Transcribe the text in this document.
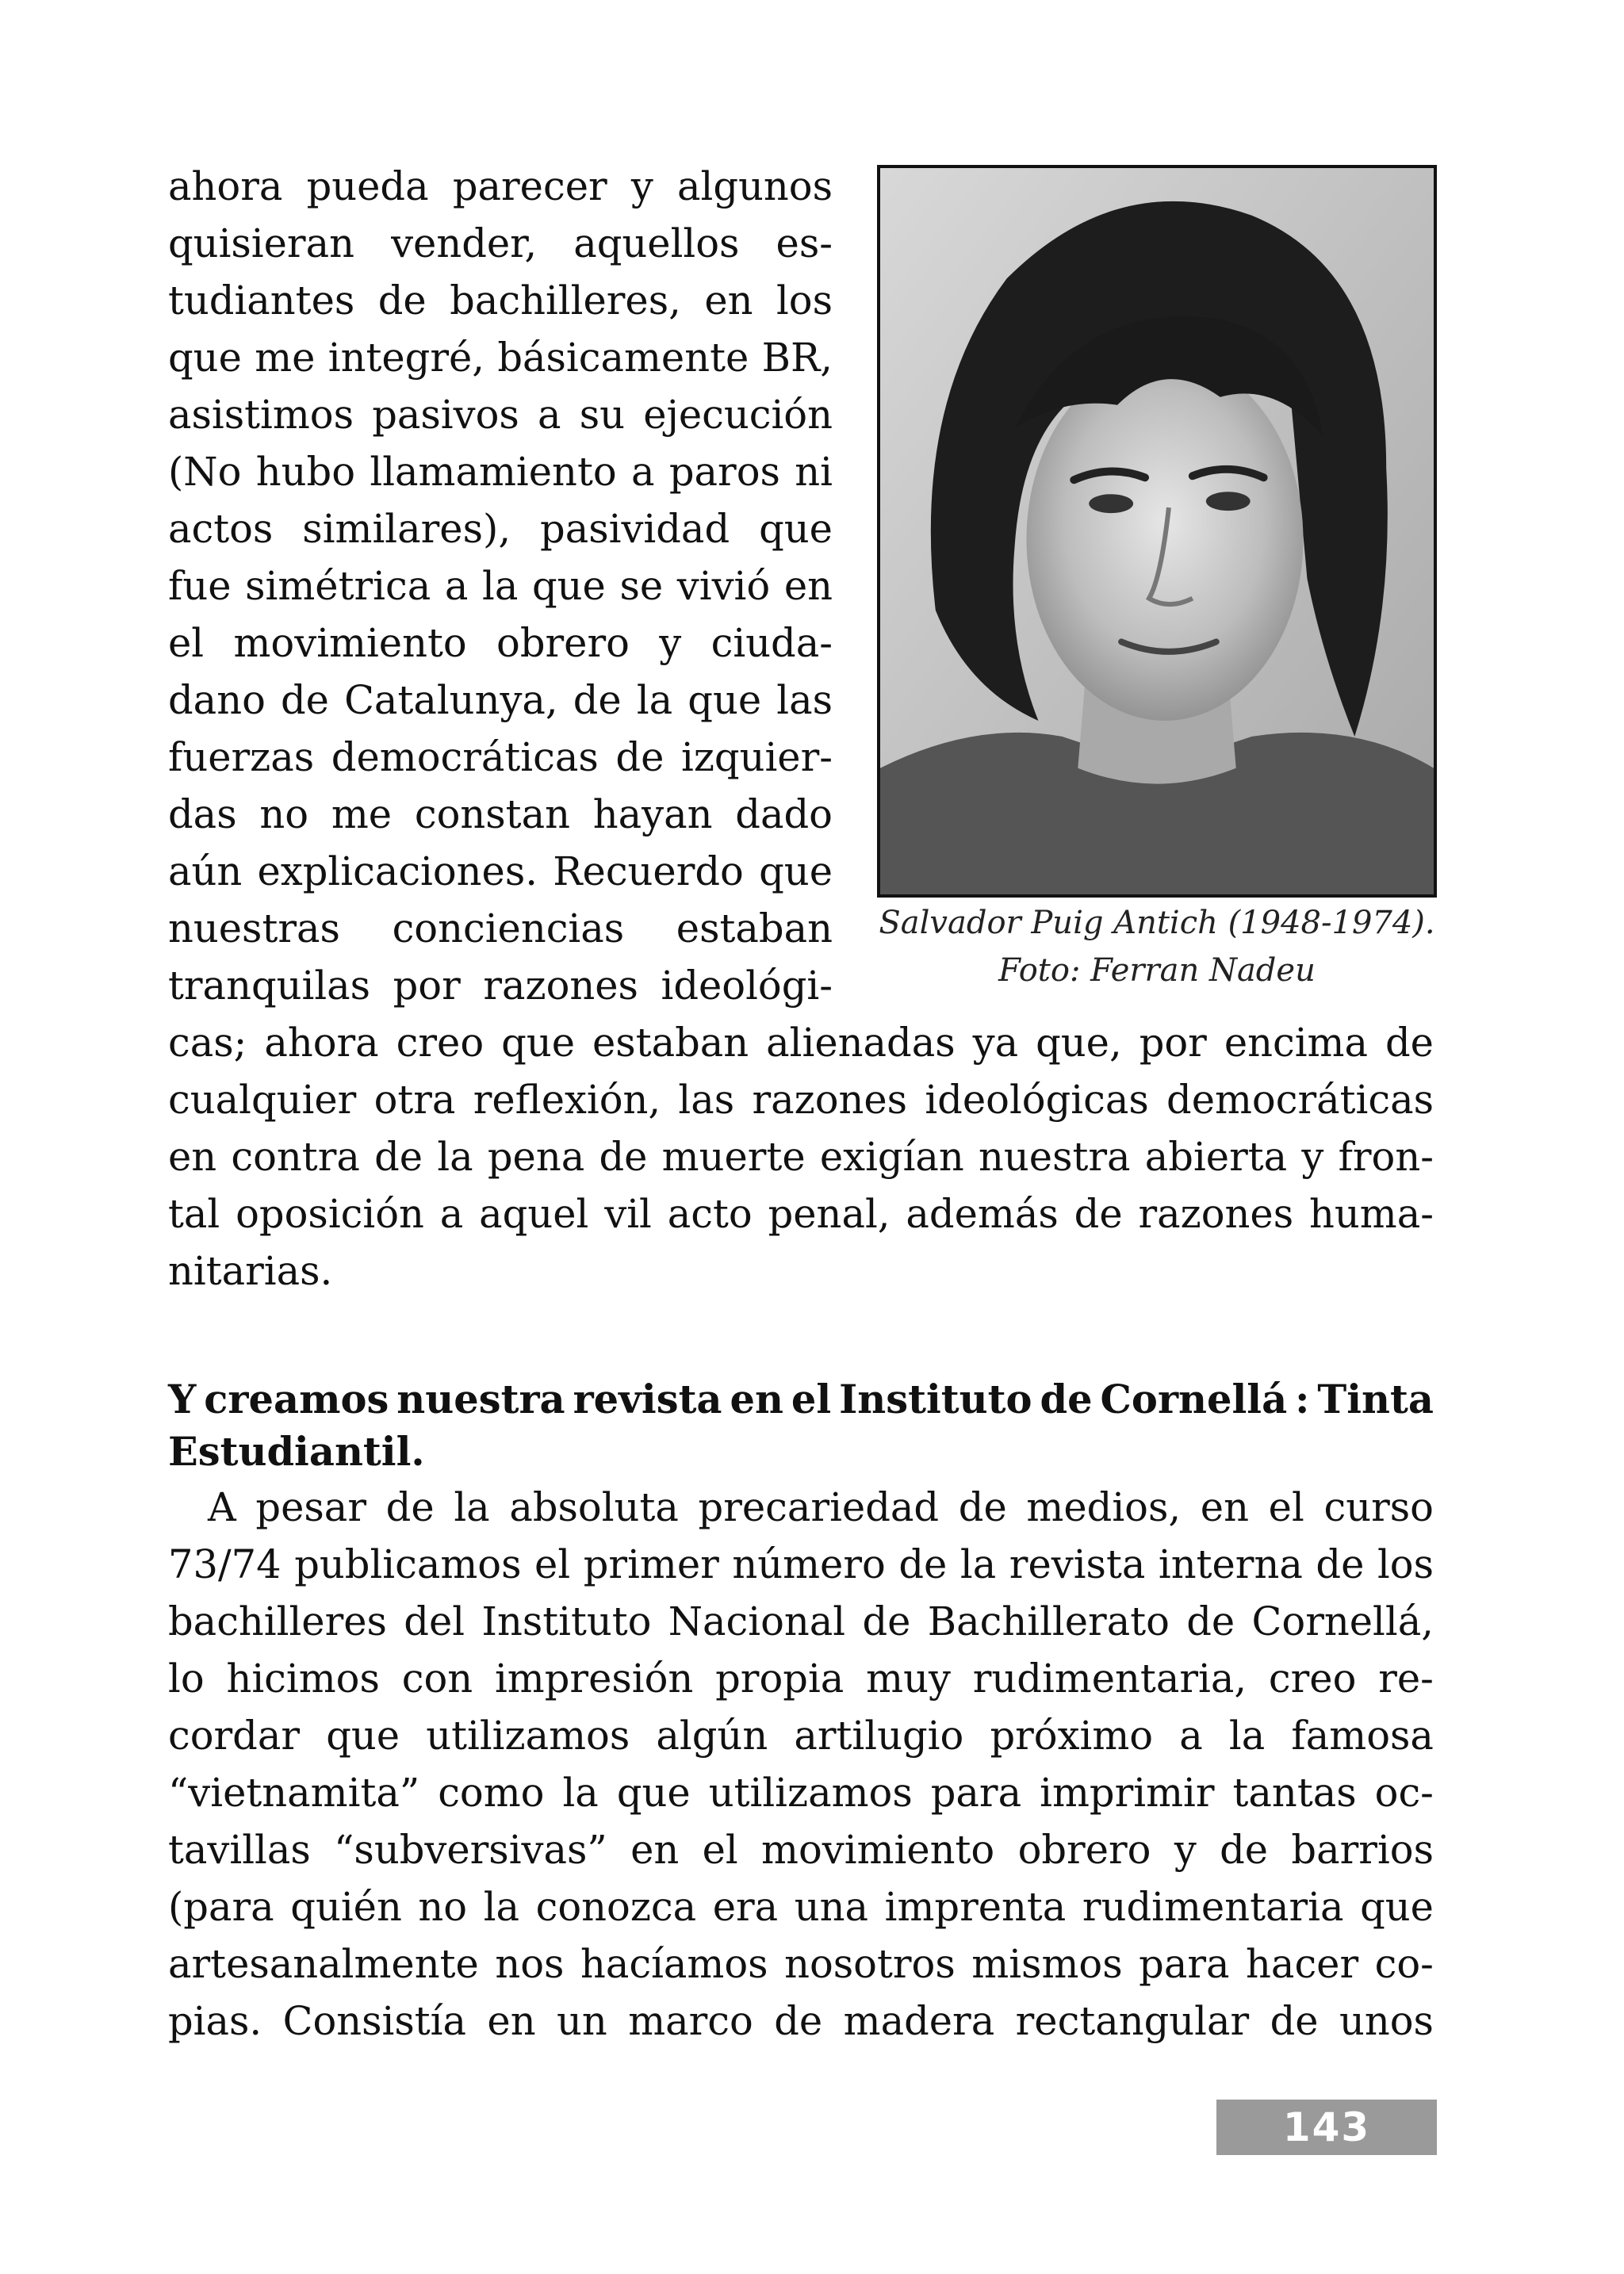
ahora pueda parecer y algunos
quisieran vender, aquellos es-
tudiantes de bachilleres, en los
que me integré, básicamente BR,
asistimos pasivos a su ejecución
(No hubo llamamiento a paros ni
actos similares), pasividad que
fue simétrica a la que se vivió en
el movimiento obrero y ciuda-
dano de Catalunya, de la que las
fuerzas democráticas de izquier-
das no me constan hayan dado
aún explicaciones. Recuerdo que
nuestras conciencias estaban
tranquilas por razones ideológi-
cas; ahora creo que estaban alienadas ya que, por encima de
cualquier otra reflexión, las razones ideológicas democráticas
en contra de la pena de muerte exigían nuestra abierta y fron-
tal oposición a aquel vil acto penal, además de razones huma-
nitarias.
Y creamos nuestra revista en el Instituto de Cornellá : Tinta
Estudiantil.
A pesar de la absoluta precariedad de medios, en el curso
73/74 publicamos el primer número de la revista interna de los
bachilleres del Instituto Nacional de Bachillerato de Cornellá,
lo hicimos con impresión propia muy rudimentaria, creo re-
cordar que utilizamos algún artilugio próximo a la famosa
“vietnamita” como la que utilizamos para imprimir tantas oc-
tavillas “subversivas” en el movimiento obrero y de barrios
(para quién no la conozca era una imprenta rudimentaria que
artesanalmente nos hacíamos nosotros mismos para hacer co-
pias. Consistía en un marco de madera rectangular de unos
Salvador Puig Antich (1948-1974).
Foto: Ferran Nadeu
143
